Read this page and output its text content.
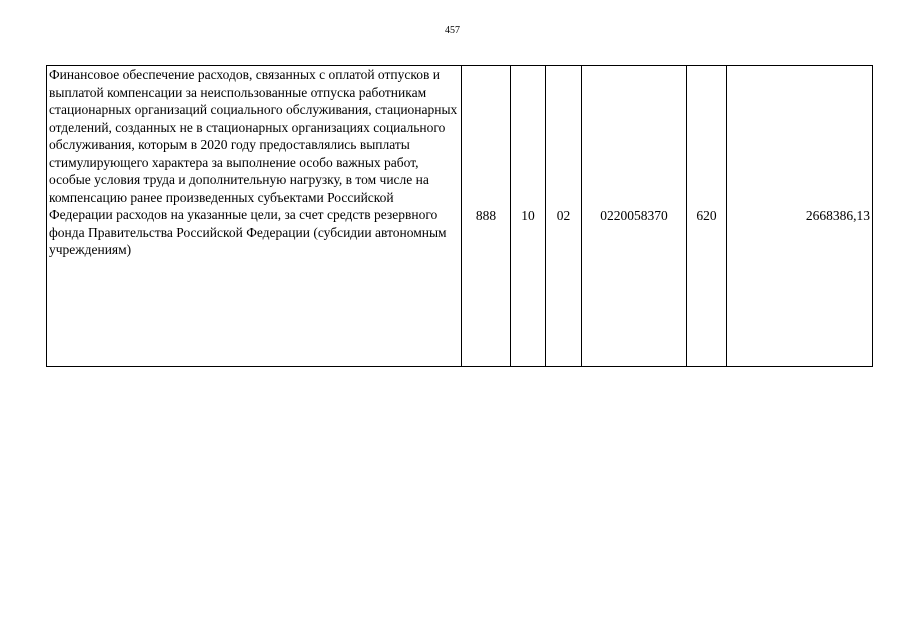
457
Финансовое обеспечение расходов, связанных с оплатой отпусков и выплатой компенсации за неиспользованные отпуска работникам стационарных организаций социального обслуживания, стационарных отделений, созданных не в стационарных организациях социального обслуживания, которым в 2020 году предоставлялись выплаты стимулирующего характера за выполнение особо важных работ, особые условия труда и дополнительную нагрузку, в том числе на компенсацию ранее произведенных субъектами Российской Федерации расходов на указанные цели, за счет средств резервного фонда Правительства Российской Федерации (субсидии автономным учреждениям)	888	10	02	0220058370	620	2668386,13
